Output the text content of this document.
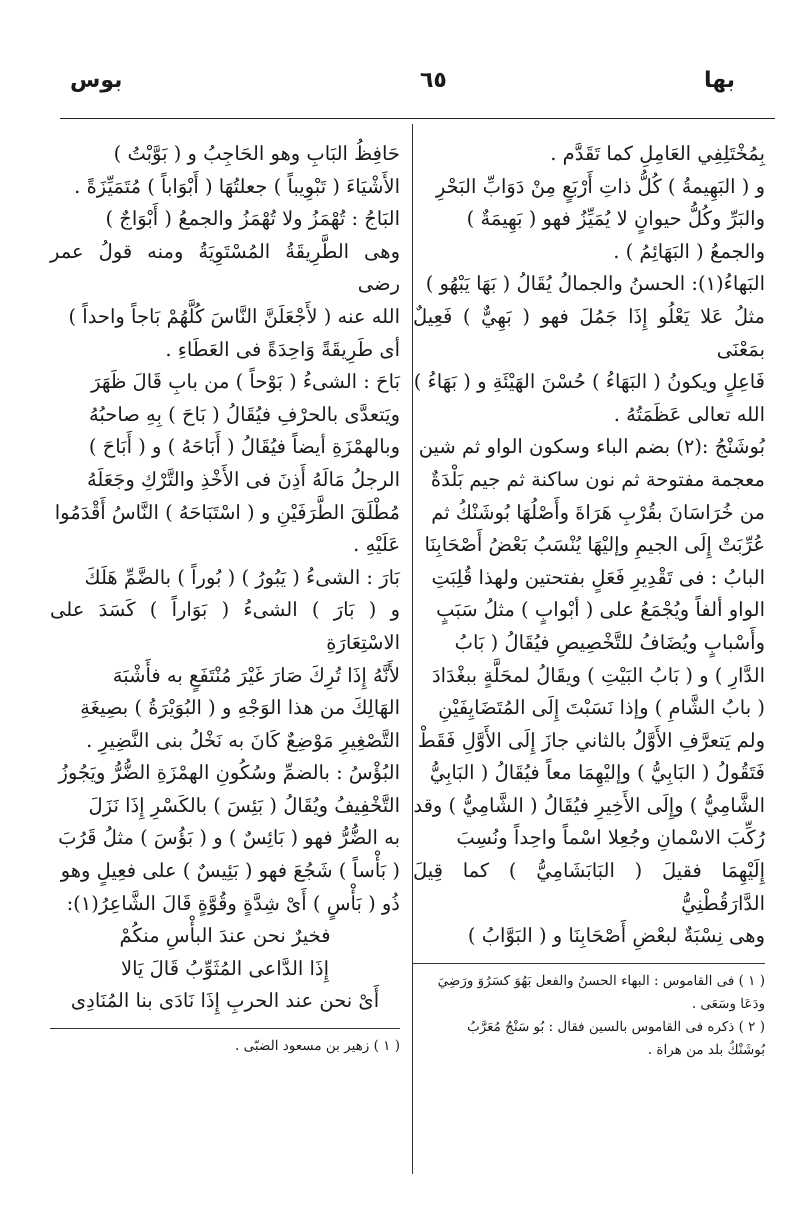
بها
٦٥
بوس

بِمُخْتَلِفِي العَامِلِ كما تَقَدَّم .

و ( البَهِيمةُ ) كُلُّ ذاتِ أَرْبَعٍ مِنْ دَوَابِّ البَحْرِ

والبَرِّ وكُلُّ حيوانٍ لا يُمَيِّزُ فهو ( بَهِيمَةٌ )

والجمعُ ( البَهَائِمُ ) .

البَهاءُ(١): الحسنُ والجمالُ يُقَالُ ( بَهَا يَبْهُو )

مثلُ عَلا يَعْلُو إِذَا جَمُلَ فهو ( بَهِيٌّ ) فَعِيلٌ بمَعْنَى

فَاعِلٍ ويكونُ ( البَهَاءُ ) حُسْنَ الهَيْئَةِ و ( بَهَاءُ )

الله تعالى عَظَمَتُهُ .

بُوشَنْجُ :(٢) بضم الباء وسكون الواو ثم شين

معجمة مفتوحة ثم نون ساكنة ثم جيم بَلْدَةٌ

من خُرَاسَانَ بقُرْبِ هَرَاةَ وأَصْلُهَا بُوشَنْكُ ثم

عُرِّبَتْ إِلَى الجيمِ وإليْهَا يُنْسَبُ بَعْضُ أَصْحَابِنَا

البابُ : فى تَقْدِيرِ فَعَلٍ بفتحتين ولهذا قُلِبَتِ

الواو ألفاً ويُجْمَعُ على ( أبْوابٍ ) مثلُ سَبَبٍ

وأَسْبابٍ ويُضَافُ للتَّخْصِيصِ فيُقَالُ ( بَابُ

الدَّارِ ) و ( بَابُ البَيْتِ ) ويقَالُ لمحَلَّةٍ ببغْدَادَ

( بابُ الشَّامِ ) وإذا نَسَبْتَ إِلَى المُتَضَايِفَيْنِ

ولم يَتعرَّفِ الأَوَّلُ بالثاني جازَ إِلَى الأَوَّلِ فَقَطْ

فَتَقُولُ ( البَابِيُّ ) وإليْهِمَا معاً فيُقَالُ ( البَابِيُّ

الشَّامِيُّ ) وإِلَى الأَخِيرِ فيُقَالُ ( الشَّامِيُّ ) وقد

رُكِّبَ الاسْمانِ وجُعِلا اسْماً واحِداً ونُسِبَ

إِلَيْهِمَا فقيلَ ( البَابَشَامِيُّ ) كما قِيلَ الدَّارَقُطْنِيُّ

وهى نِسْبَةٌ لبعْضِ أَصْحَابِنَا و ( البَوَّابُ )

( ١ ) فى القاموس : البهاء الحسنُ والفعل بَهُوَ كسَرُوَ ورَضِيَ

ودَعَا وسَعَى .

( ٢ ) ذكره فى القاموس بالسين فقال : بُو سَنْجُ مُعَرَّبُ

بُوشَنْكُ بلد من هراة .

حَافِظُ البَابِ وهو الحَاجِبُ و ( بَوَّبْتُ )

الأَشْيَاءَ ( تَبْوِيباً ) جعلتُهَا ( أَبْوَاباً ) مُتَمَيِّزَةً .

البَاجُ : تُهْمَزُ ولا تُهْمَزُ والجمعُ ( أَبْوَاجٌ )

وهى الطَّرِيقَةُ المُسْتَوِيَةُ ومنه قولُ عمر رضى

الله عنه ( لأَجْعَلَنَّ النَّاسَ كُلَّهُمْ بَاجاً واحداً )

أى طَرِيقَةً وَاحِدَةً فى العَطَاءِ .

بَاحَ : الشىءُ ( بَوْحاً ) من بابِ قَالَ ظَهَرَ

ويَتعدَّى بالحرْفِ فيُقَالُ ( بَاحَ ) بِهِ صاحبُهُ

وبالهمْزَةِ أيضاً فيُقَالُ ( أَبَاحَهُ ) و ( أَبَاحَ )

الرجلُ مَالَهُ أَذِنَ فى الأَخْذِ والتَّرْكِ وجَعَلَهُ

مُطْلَقَ الطَّرَفَيْنِ و ( اسْتَبَاحَهُ ) النَّاسُ أَقْدَمُوا

عَلَيْهِ .

بَارَ : الشىءُ ( يَبُورُ ) ( بُوراً ) بالضَّمِّ هَلَكَ

و ( بَارَ ) الشىءُ ( بَوَاراً ) كَسَدَ على الاسْتِعَارَةِ

لأَنَّهُ إِذَا تُرِكَ صَارَ غَيْرَ مُنْتَفَعٍ به فأَشْبَهَ

الهَالِكَ من هذا الوَجْهِ و ( البُوَيْرَةُ ) بصِيغَةِ

التَّصْغِيرِ مَوْضِعٌ كَانَ به نَخْلُ بنى النَّضِيرِ .

البُؤْسُ : بالضمِّ وسُكُونِ الهمْزَةِ الضُّرُّ ويَجُوزُ

التَّخْفِيفُ ويُقَالُ ( بَئِسَ ) بالكَسْرِ إِذَا نَزَلَ

به الضُّرُّ فهو ( بَائِسٌ ) و ( بَؤُسَ ) مثلُ قَرُبَ

( بَأْساً ) شَجُعَ فهو ( بَئِيسٌ ) على فعِيلٍ وهو

ذُو ( بَأْسٍ ) أَىْ شِدَّةٍ وقُوَّةٍ قَالَ الشَّاعِرُ(١):

فخيرٌ نحن عندَ البأْسِ منكُمْ

إِذَا الدَّاعى المُثَوِّبُ قَالَ يَالا

أَىْ نحن عند الحربِ إِذَا نَادَى بنا المُنَادِى

( ١ ) زهير بن مسعود الضبّى .
